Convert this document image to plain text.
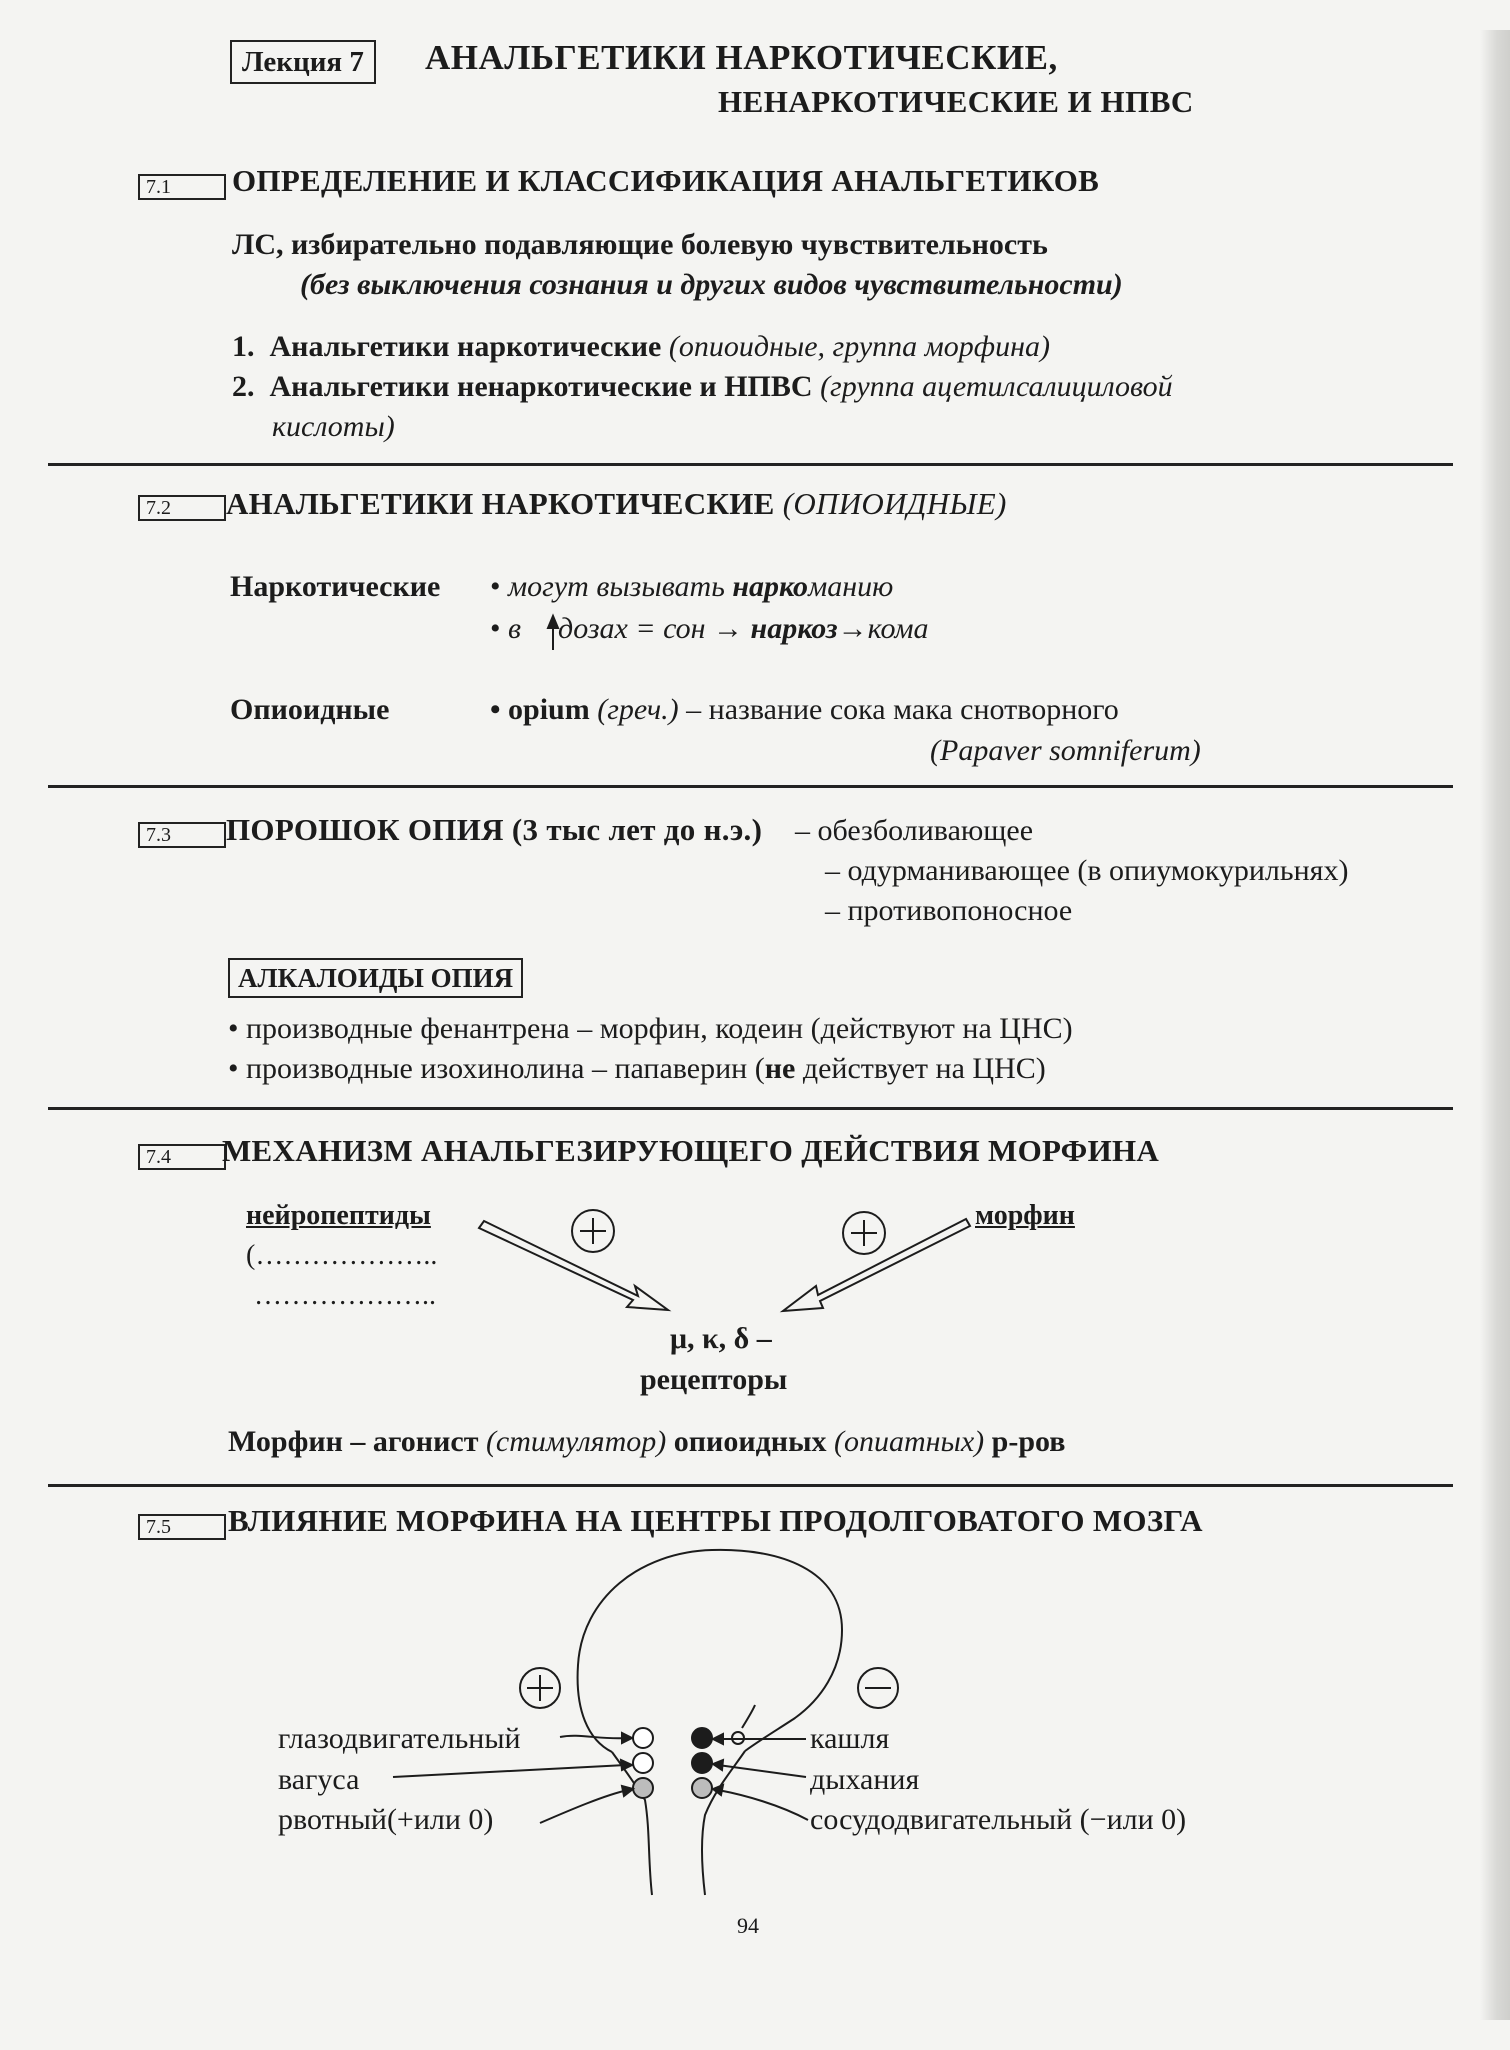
Лекция 7	АНАЛЬГЕТИКИ НАРКОТИЧЕСКИЕ,
НЕНАРКОТИЧЕСКИЕ И НПВС
7.1	ОПРЕДЕЛЕНИЕ И КЛАССИФИКАЦИЯ АНАЛЬГЕТИКОВ
ЛС, избирательно подавляющие болевую чувствительность
(без выключения сознания и других видов чувствительности)
1. Анальгетики наркотические (опиоидные, группа морфина)
2. Анальгетики ненаркотические и НПВС (группа ацетилсалициловой
кислоты)
7.2	АНАЛЬГЕТИКИ НАРКОТИЧЕСКИЕ (ОПИОИДНЫЕ)
Наркотические • могут вызывать наркоманию
• в дозах = сон → наркоз→кома
Опиоидные	• opium (греч.) – название сока мака снотворного
(Papaver somniferum)
7.3	ПОРОШОК ОПИЯ (3 тыс лет до н.э.) – обезболивающее
– одурманивающее (в опиумокурильнях)
– противопоносное
АЛКАЛОИДЫ ОПИЯ
• производные фенантрена – морфин, кодеин (действуют на ЦНС)
• производные изохинолина – папаверин (не действует на ЦНС)
7.4	МЕХАНИЗМ АНАЛЬГЕЗИРУЮЩЕГО ДЕЙСТВИЯ МОРФИНА
нейропептиды
(………………..
………………..
морфин
μ, κ, δ –
рецепторы
Морфин – агонист (стимулятор) опиоидных (опиатных) р-ров
7.5	ВЛИЯНИЕ МОРФИНА НА ЦЕНТРЫ ПРОДОЛГОВАТОГО МОЗГА
глазодвигательный
вагуса
рвотный(+или 0)
кашля
дыхания
сосудодвигательный (−или 0)
94
